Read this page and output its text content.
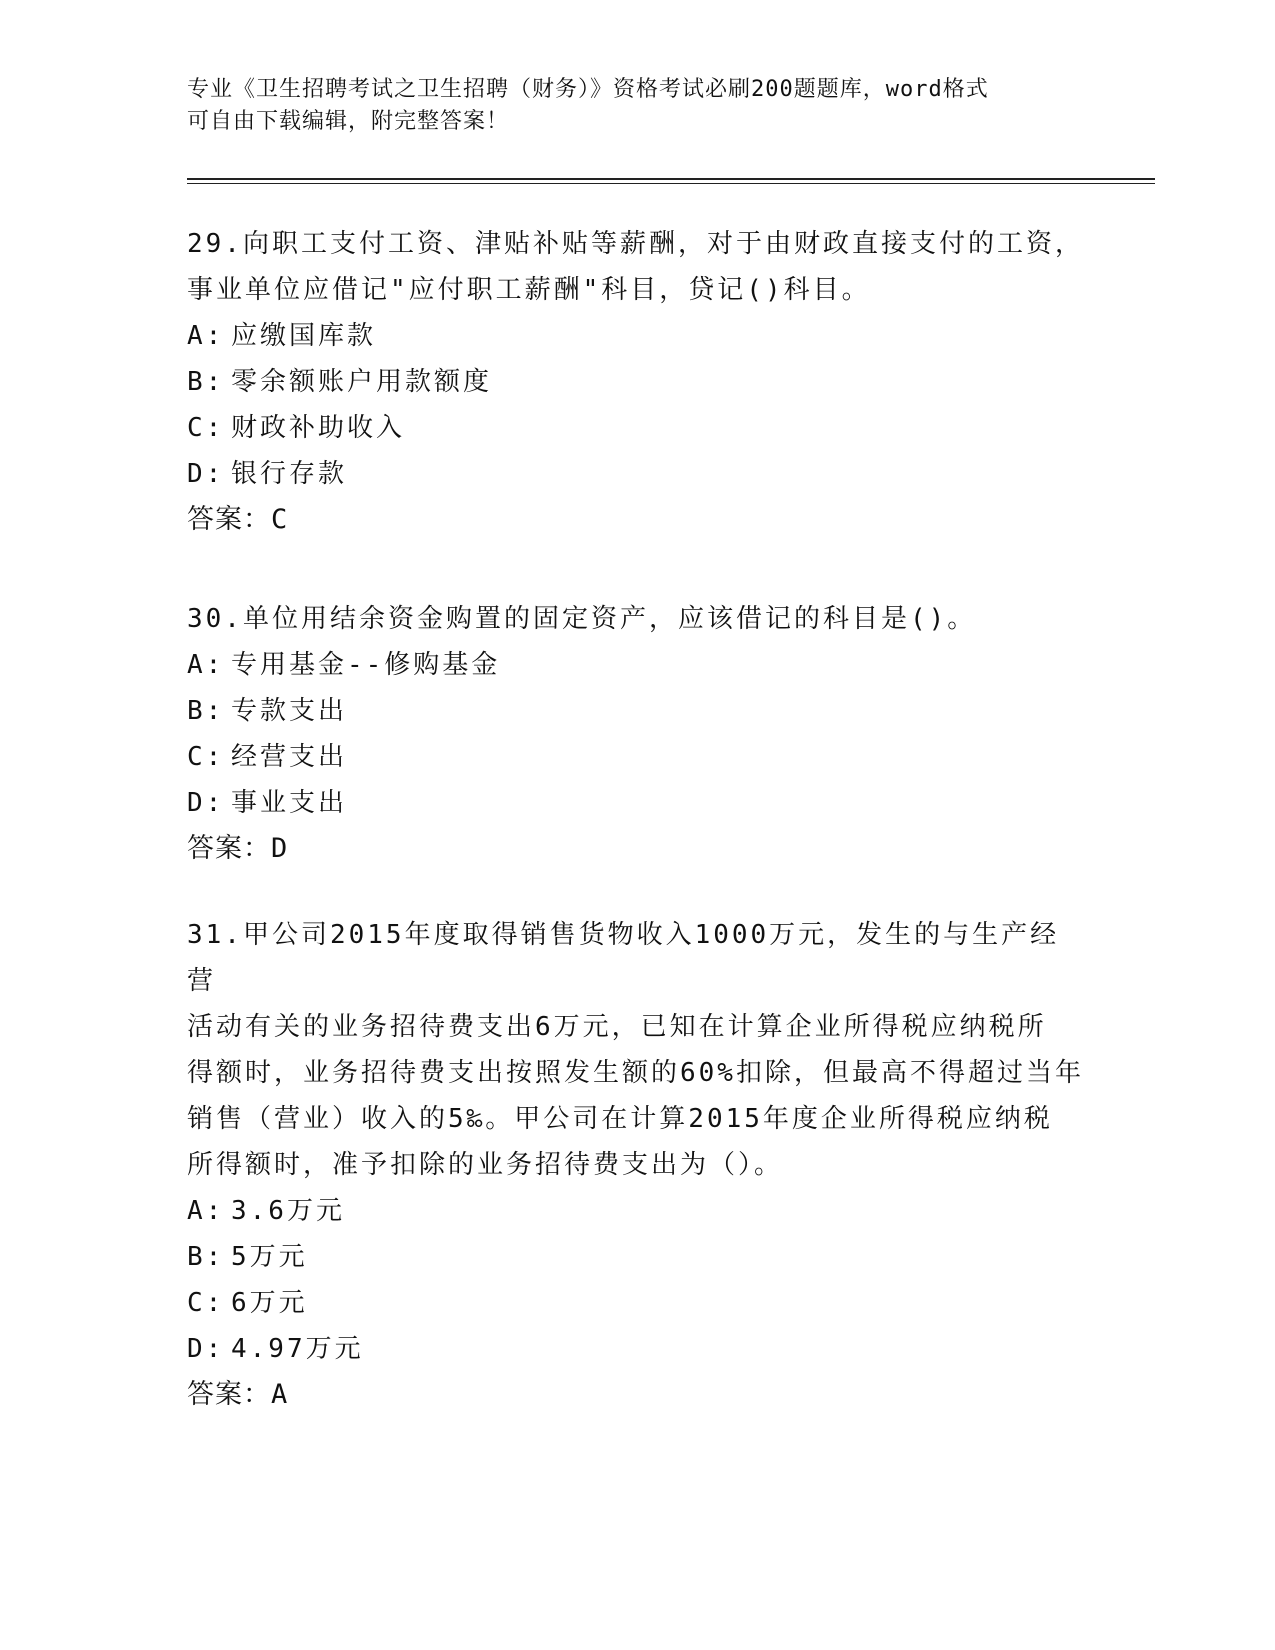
专业《卫生招聘考试之卫生招聘（财务）》资格考试必刷200题题库，word格式
可自由下载编辑，附完整答案！

29.向职工支付工资、津贴补贴等薪酬，对于由财政直接支付的工资，

事业单位应借记"应付职工薪酬"科目，贷记()科目。

A: 应缴国库款

B: 零余额账户用款额度

C: 财政补助收入

D: 银行存款

答案：C

30.单位用结余资金购置的固定资产，应该借记的科目是()。

A: 专用基金--修购基金

B: 专款支出

C: 经营支出

D: 事业支出

答案：D

31.甲公司2015年度取得销售货物收入1000万元，发生的与生产经营

活动有关的业务招待费支出6万元，已知在计算企业所得税应纳税所

得额时，业务招待费支出按照发生额的60%扣除，但最高不得超过当年

销售（营业）收入的5‰。甲公司在计算2015年度企业所得税应纳税

所得额时，准予扣除的业务招待费支出为（）。

A: 3.6万元

B: 5万元

C: 6万元

D: 4.97万元

答案：A
